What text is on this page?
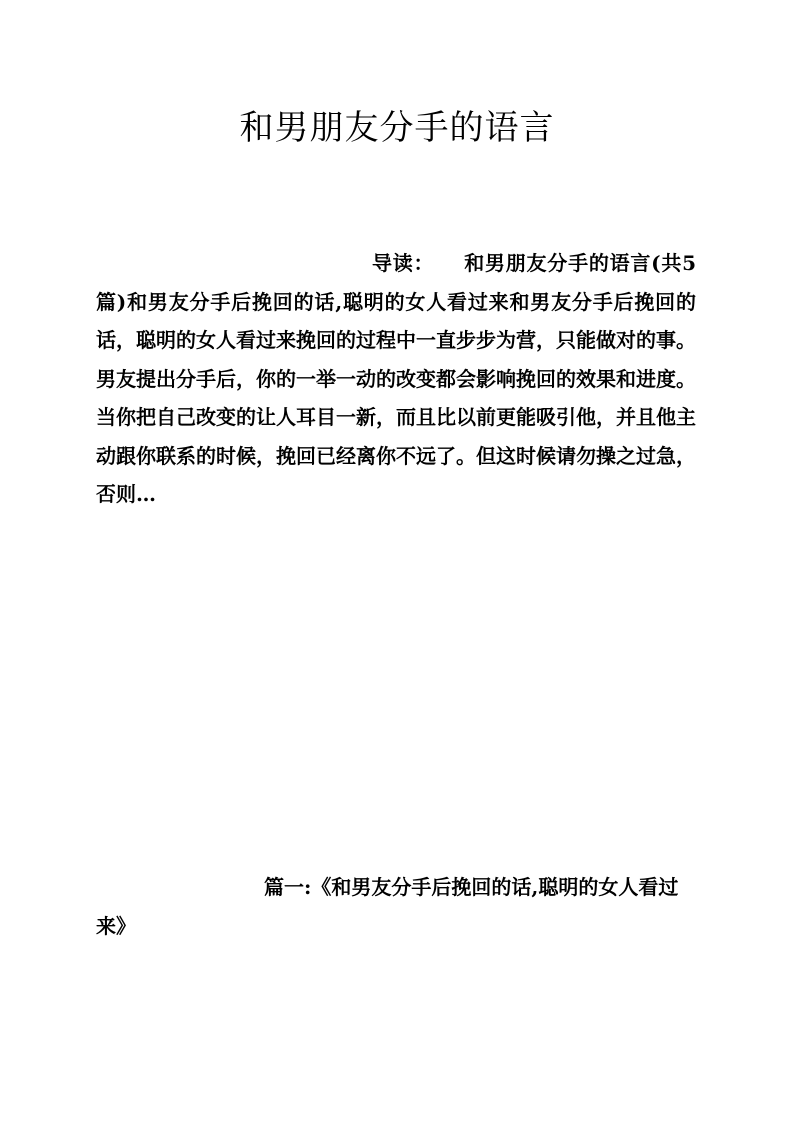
和男朋友分手的语言

导读： 和男朋友分手的语言(共5篇)和男友分手后挽回的话,聪明的女人看过来和男友分手后挽回的话，聪明的女人看过来挽回的过程中一直步步为营，只能做对的事。男友提出分手后，你的一举一动的改变都会影响挽回的效果和进度。当你把自己改变的让人耳目一新，而且比以前更能吸引他，并且他主动跟你联系的时候，挽回已经离你不远了。但这时候请勿操之过急，否则…

篇一:《和男友分手后挽回的话,聪明的女人看过来》
